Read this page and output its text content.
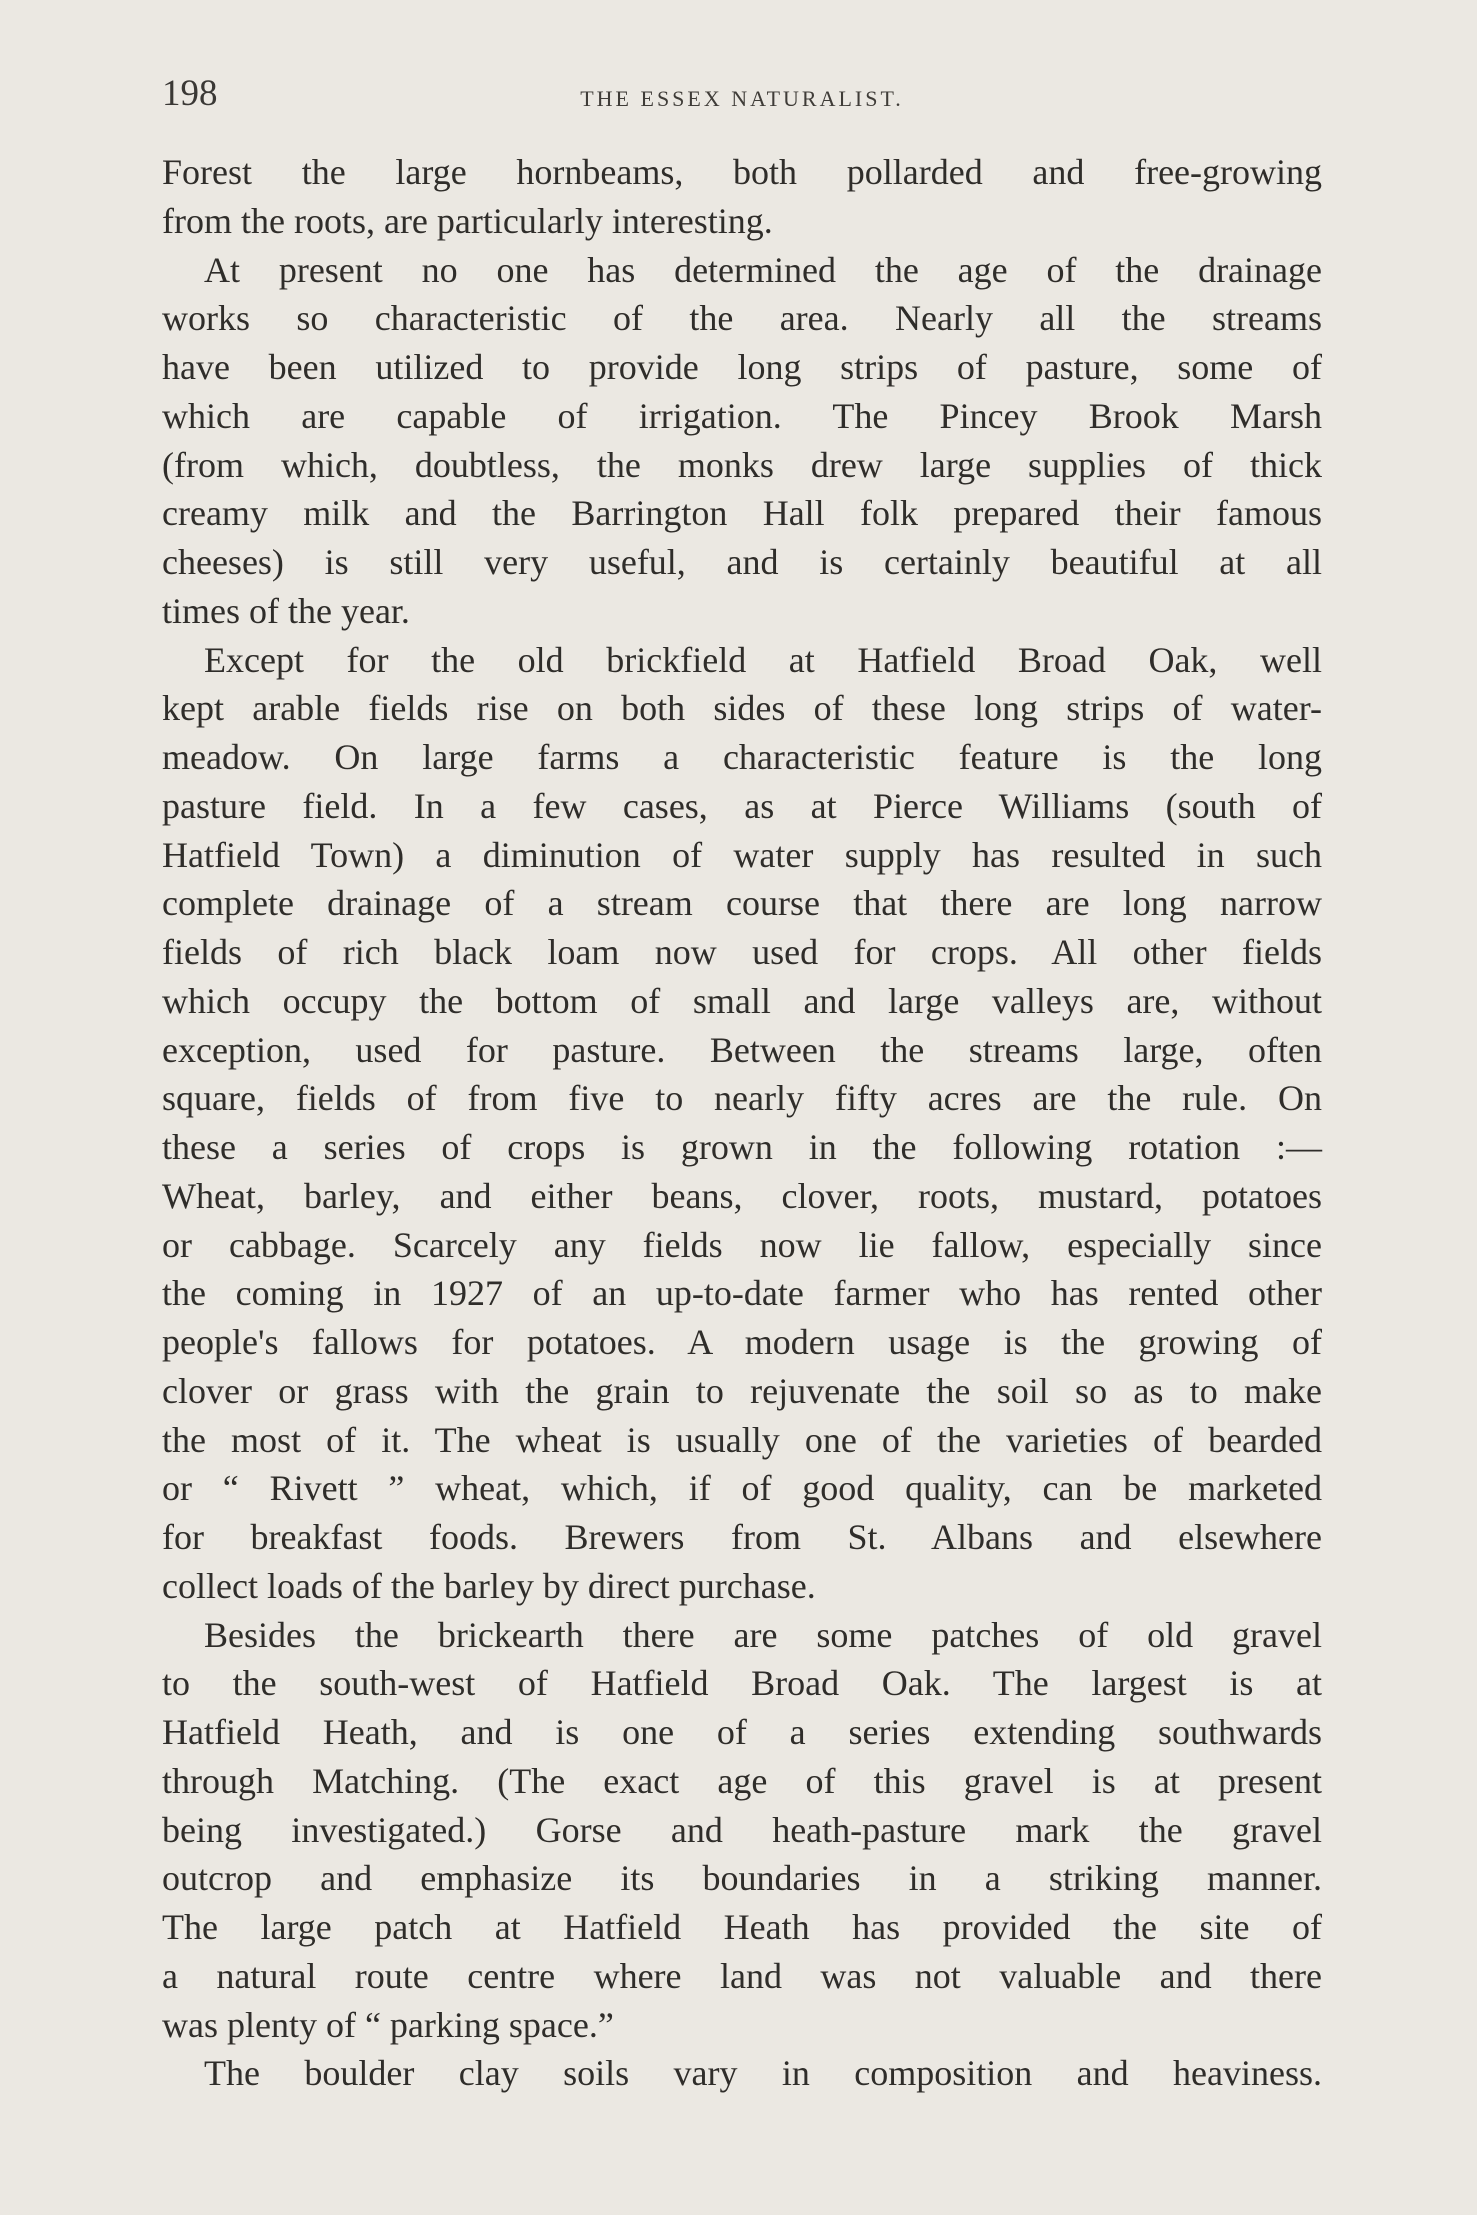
198	THE ESSEX NATURALIST.
Forest the large hornbeams, both pollarded and free-growing
from the roots, are particularly interesting.
At present no one has determined the age of the drainage
works so characteristic of the area. Nearly all the streams
have been utilized to provide long strips of pasture, some of
which are capable of irrigation. The Pincey Brook Marsh
(from which, doubtless, the monks drew large supplies of thick
creamy milk and the Barrington Hall folk prepared their famous
cheeses) is still very useful, and is certainly beautiful at all
times of the year.
Except for the old brickfield at Hatfield Broad Oak, well
kept arable fields rise on both sides of these long strips of water-
meadow. On large farms a characteristic feature is the long
pasture field. In a few cases, as at Pierce Williams (south of
Hatfield Town) a diminution of water supply has resulted in such
complete drainage of a stream course that there are long narrow
fields of rich black loam now used for crops. All other fields
which occupy the bottom of small and large valleys are, without
exception, used for pasture. Between the streams large, often
square, fields of from five to nearly fifty acres are the rule. On
these a series of crops is grown in the following rotation :—
Wheat, barley, and either beans, clover, roots, mustard, potatoes
or cabbage. Scarcely any fields now lie fallow, especially since
the coming in 1927 of an up-to-date farmer who has rented other
people's fallows for potatoes. A modern usage is the growing of
clover or grass with the grain to rejuvenate the soil so as to make
the most of it. The wheat is usually one of the varieties of bearded
or “ Rivett ” wheat, which, if of good quality, can be marketed
for breakfast foods. Brewers from St. Albans and elsewhere
collect loads of the barley by direct purchase.
Besides the brickearth there are some patches of old gravel
to the south-west of Hatfield Broad Oak. The largest is at
Hatfield Heath, and is one of a series extending southwards
through Matching. (The exact age of this gravel is at present
being investigated.) Gorse and heath-pasture mark the gravel
outcrop and emphasize its boundaries in a striking manner.
The large patch at Hatfield Heath has provided the site of
a natural route centre where land was not valuable and there
was plenty of “ parking space.”
The boulder clay soils vary in composition and heaviness.
